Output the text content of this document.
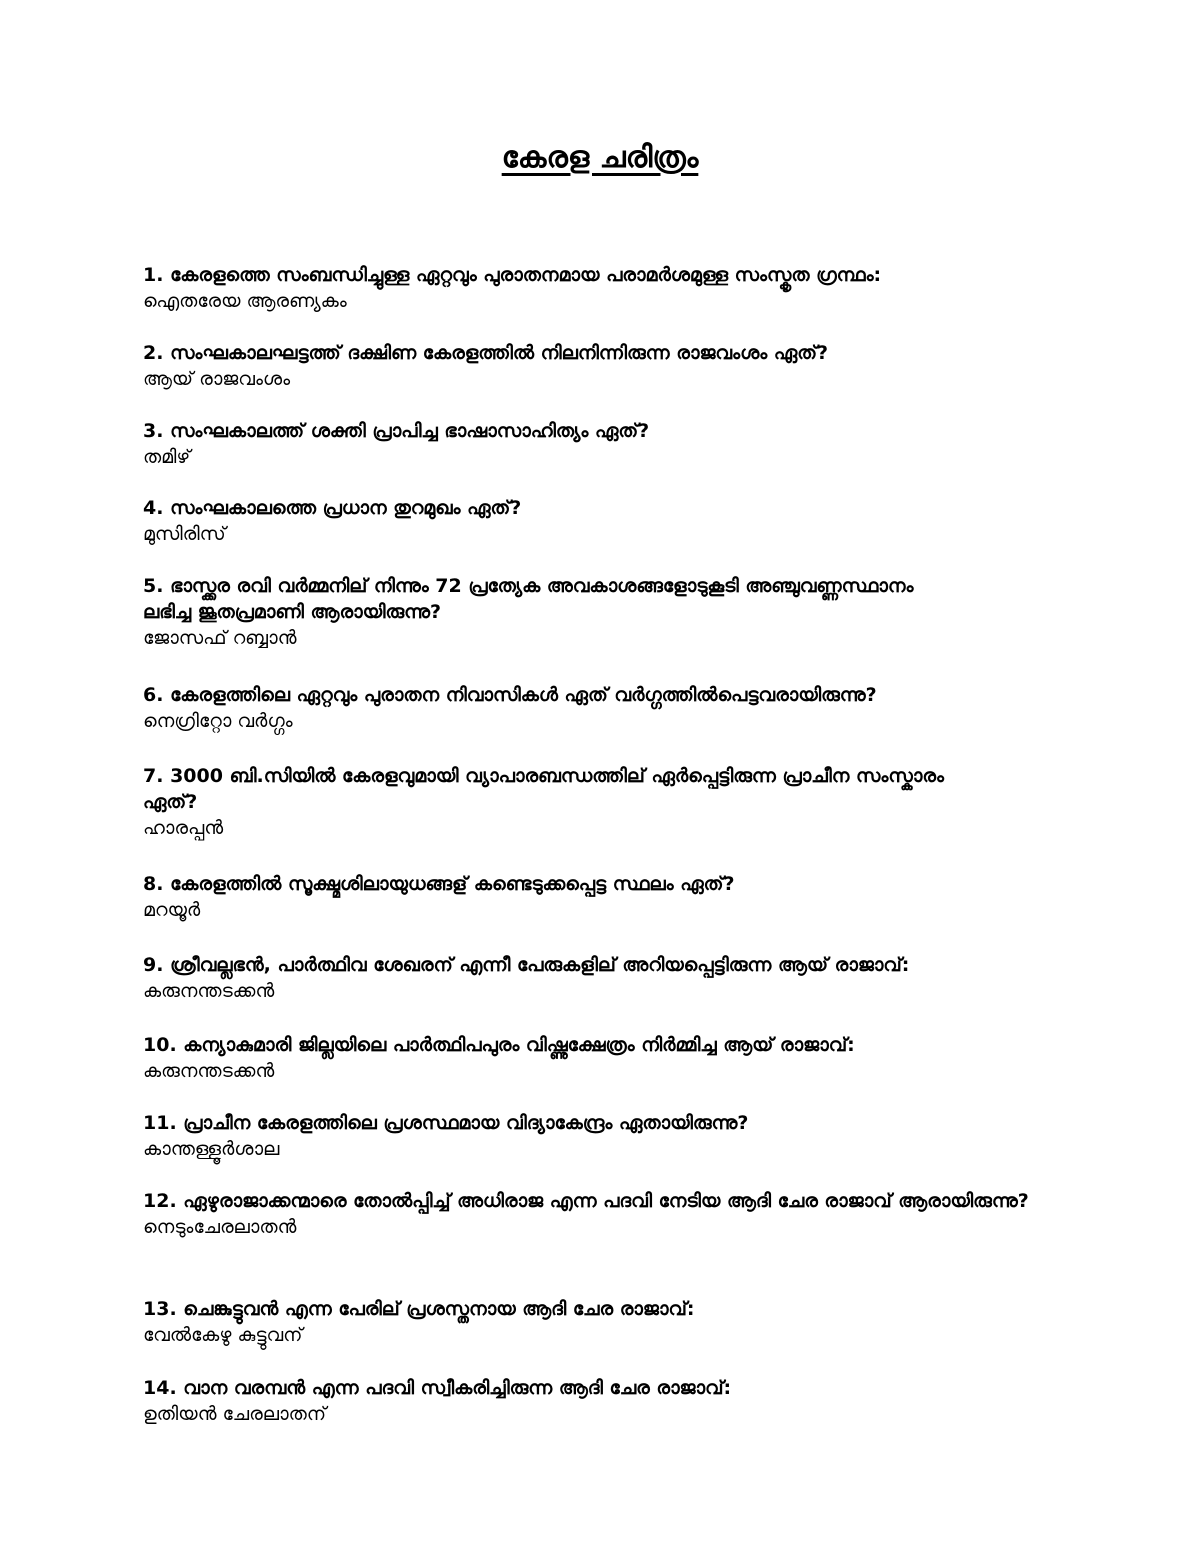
കേരള ചരിത്രം
1. കേരളത്തെ സംബന്ധിച്ചുള്ള ഏറ്റവും പുരാതനമായ പരാമർശമുള്ള സംസ്കൃത ഗ്രന്ഥം:
ഐതരേയ ആരണ്യകം
2. സംഘകാലഘട്ടത്ത് ദക്ഷിണ കേരളത്തിൽ നിലനിന്നിരുന്ന രാജവംശം ഏത്?
ആയ് രാജവംശം
3. സംഘകാലത്ത് ശക്തി പ്രാപിച്ച ഭാഷാസാഹിത്യം ഏത്?
തമിഴ്
4. സംഘകാലത്തെ പ്രധാന തുറമുഖം ഏത്?
മുസിരിസ്
5. ഭാസ്ക്കര രവി വർമ്മനില് നിന്നും 72 പ്രത്യേക അവകാശങ്ങളോടുകൂടി അഞ്ചുവണ്ണസ്ഥാനം ലഭിച്ച ജൂതപ്രമാണി ആരായിരുന്നു?
ജോസഫ് റബ്ബാൻ
6. കേരളത്തിലെ ഏറ്റവും പുരാതന നിവാസികൾ ഏത് വർഗ്ഗത്തിൽപെട്ടവരായിരുന്നു?
നെഗ്രിറ്റോ വർഗ്ഗം
7. 3000 ബി.സിയിൽ കേരളവുമായി വ്യാപാരബന്ധത്തില് ഏർപ്പെട്ടിരുന്ന പ്രാചീന സംസ്കാരം ഏത്?
ഹാരപ്പൻ
8. കേരളത്തിൽ സൂക്ഷ്മശിലായുധങ്ങള് കണ്ടെടുക്കപ്പെട്ട സ്ഥലം ഏത്?
മറയൂർ
9. ശ്രീവല്ലഭൻ, പാർത്ഥിവ ശേഖരന് എന്നീ പേരുകളില് അറിയപ്പെട്ടിരുന്ന ആയ് രാജാവ്:
കരുനന്തടക്കൻ
10. കന്യാകുമാരി ജില്ലയിലെ പാർത്ഥിപപുരം വിഷ്ണുക്ഷേത്രം നിർമ്മിച്ച ആയ് രാജാവ്:
കരുനന്തടക്കൻ
11. പ്രാചീന കേരളത്തിലെ പ്രശസ്ഥമായ വിദ്യാകേന്ദ്രം ഏതായിരുന്നു?
കാന്തള്ളൂർശാല
12. ഏഴുരാജാക്കന്മാരെ തോൽപ്പിച്ച് അധിരാജ എന്ന പദവി നേടിയ ആദി ചേര രാജാവ് ആരായിരുന്നു?
നെടുംചേരലാതൻ
13. ചെങ്കുട്ടുവൻ എന്ന പേരില് പ്രശസ്തനായ ആദി ചേര രാജാവ്:
വേൽകേഴു കുട്ടുവന്
14. വാന വരമ്പൻ എന്ന പദവി സ്വീകരിച്ചിരുന്ന ആദി ചേര രാജാവ്:
ഉതിയൻ ചേരലാതന്
